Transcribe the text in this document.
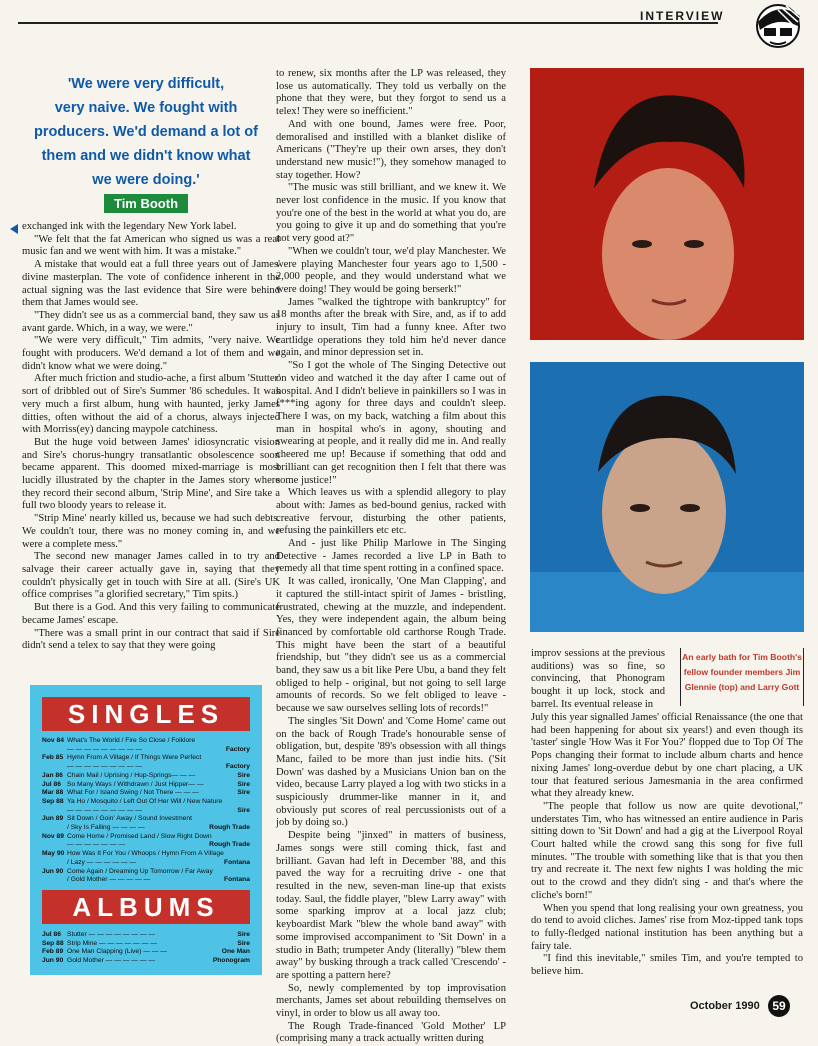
INTERVIEW
'We were very difficult,
very naive. We fought with
producers. We'd demand a lot of
them and we didn't know what
we were doing.'
Tim Booth

exchanged ink with the legendary New York label.

"We felt that the fat American who signed us was a real music fan and we went with him. It was a mistake."

A mistake that would eat a full three years out of James' divine masterplan. The vote of confidence inherent in the actual signing was the last evidence that Sire were behind them that James would see.

"They didn't see us as a commercial band, they saw us as avant garde. Which, in a way, we were."

"We were very difficult," Tim admits, "very naive. We fought with producers. We'd demand a lot of them and we didn't know what we were doing."

After much friction and studio-ache, a first album 'Stutter' sort of dribbled out of Sire's Summer '86 schedules. It was very much a first album, hung with haunted, jerky James ditties, often without the aid of a chorus, always injected with Morriss(ey) dancing maypole catchiness.

But the huge void between James' idiosyncratic vision and Sire's chorus-hungry transatlantic obsolescence soon became apparent. This doomed mixed-marriage is most lucidly illustrated by the chapter in the James story where they record their second album, 'Strip Mine', and Sire take a full two bloody years to release it.

"Strip Mine' nearly killed us, because we had such debts. We couldn't tour, there was no money coming in, and we were a complete mess."

The second new manager James called in to try and salvage their career actually gave in, saying that they couldn't physically get in touch with Sire at all. (Sire's UK office comprises "a glorified secretary," Tim spits.)

But there is a God. And this very failing to communicate became James' escape.

"There was a small print in our contract that said if Sire didn't send a telex to say that they were going

to renew, six months after the LP was released, they lose us automatically. They told us verbally on the phone that they were, but they forgot to send us a telex! They were so inefficient."

And with one bound, James were free. Poor, demoralised and instilled with a blanket dislike of Americans ("They're up their own arses, they don't understand new music!"), they somehow managed to stay together. How?

"The music was still brilliant, and we knew it. We never lost confidence in the music. If you know that you're one of the best in the world at what you do, are you going to give it up and do something that you're not very good at?"

"When we couldn't tour, we'd play Manchester. We were playing Manchester four years ago to 1,500 - 2,000 people, and they would understand what we were doing! They would be going berserk!"

James "walked the tightrope with bankruptcy" for 18 months after the break with Sire, and, as if to add injury to insult, Tim had a funny knee. After two cartlidge operations they told him he'd never dance again, and minor depression set in.

"So I got the whole of The Singing Detective out on video and watched it the day after I came out of hospital. And I didn't believe in painkillers so I was in f***ing agony for three days and couldn't sleep. There I was, on my back, watching a film about this man in hospital who's in agony, shouting and swearing at people, and it really did me in. And really cheered me up! Because if something that odd and brilliant can get recognition then I felt that there was some justice!"

Which leaves us with a splendid allegory to play about with: James as bed-bound genius, racked with creative fervour, disturbing the other patients, refusing the painkillers etc etc.

And - just like Philip Marlowe in The Singing Detective - James recorded a live LP in Bath to remedy all that time spent rotting in a confined space.

It was called, ironically, 'One Man Clapping', and it captured the still-intact spirit of James - bristling, frustrated, chewing at the muzzle, and independent. Yes, they were independent again, the album being financed by comfortable old carthorse Rough Trade. This might have been the start of a beautiful friendship, but "they didn't see us as a commercial band, they saw us a bit like Pere Ubu, a band they felt obliged to help - original, but not going to sell large amounts of records. So we felt obliged to leave - because we saw ourselves selling lots of records!"

The singles 'Sit Down' and 'Come Home' came out on the back of Rough Trade's honourable sense of obligation, but, despite '89's obsession with all things Manc, failed to be more than just indie hits. ('Sit Down' was dashed by a Musicians Union ban on the video, because Larry played a log with two sticks in a suspiciously drummer-like manner in it, and obviously put scores of real percussionists out of a job by doing so.)

Despite being "jinxed" in matters of business, James songs were still coming thick, fast and brilliant. Gavan had left in December '88, and this paved the way for a recruiting drive - one that resulted in the new, seven-man line-up that exists today. Saul, the fiddle player, "blew Larry away" with some sparking improv at a local jazz club; keyboardist Mark "blew the whole band away" with some improvised accompaniment to 'Sit Down' in a studio in Bath; trumpeter Andy (literally) "blew them away" by busking through a track called 'Crescendo' - are spotting a pattern here?

So, newly complemented by top improvisation merchants, James set about rebuilding themselves on vinyl, in order to blow us all away too.

The Rough Trade-financed 'Gold Mother' LP (comprising many a track actually written during

An early bath for Tim Booth's fellow founder members Jim Glennie (top) and Larry Gott

improv sessions at the previous auditions) was so fine, so convincing, that Phonogram bought it up lock, stock and barrel. Its eventual release in

July this year signalled James' official Renaissance (the one that had been happening for about six years!) and even though its 'taster' single 'How Was it For You?' flopped due to Top Of The Pops changing their format to include album charts and hence nixing James' long-overdue debut by one chart placing, a UK tour that featured serious Jamesmania in the area confirmed what they already knew.

"The people that follow us now are quite devotional," understates Tim, who has witnessed an entire audience in Paris sitting down to 'Sit Down' and had a gig at the Liverpool Royal Court halted while the crowd sang this song for five full minutes. "The trouble with something like that is that you then try and recreate it. The next few nights I was holding the mic out to the crowd and they didn't sing - and that's where the cliche's born!"

When you spend that long realising your own greatness, you do tend to avoid cliches. James' rise from Moz-tipped tank tops to fully-fledged national institution has been anything but a fairy tale.

"I find this inevitable," smiles Tim, and you're tempted to believe him.

SINGLES
Nov 84 What's The World / Fire So Close / Folklore
— — — — — — — — —	Factory
Feb 85 Hymn From A Village / If Things Were Perfect
— — — — — — — — —	Factory
Jan 86 Chain Mail / Uprising / Hup-Springs— — —	Sire
Jul 86 So Many Ways / Withdrawn / Just Hipper— —	Sire
Mar 88 What For / Island Swing / Not There — — —	Sire
Sep 88 Ya Ho / Mosquito / Left Out Of Her Will / New Nature
— — — — — — — — —	Sire
Jun 89 Sit Down / Goin' Away / Sound Investment
/ Sky Is Falling — — — —	Rough Trade
Nov 89 Come Home / Promised Land / Slow Right Down
— — — — — — —	Rough Trade
May 90 How Was It For You / Whoops / Hymn From A Village
/ Lazy — — — — — —	Fontana
Jun 90 Come Again / Dreaming Up Tomorrow / Far Away
/ Gold Mother — — — — —	Fontana
ALBUMS
Jul 86 Stutter — — — — — — — —	Sire
Sep 88 Strip Mine — — — — — — —	Sire
Feb 89 One Man Clapping (Live) — — —	One Man
Jun 90 Gold Mother — — — — — —	Phonogram
October 1990	59
